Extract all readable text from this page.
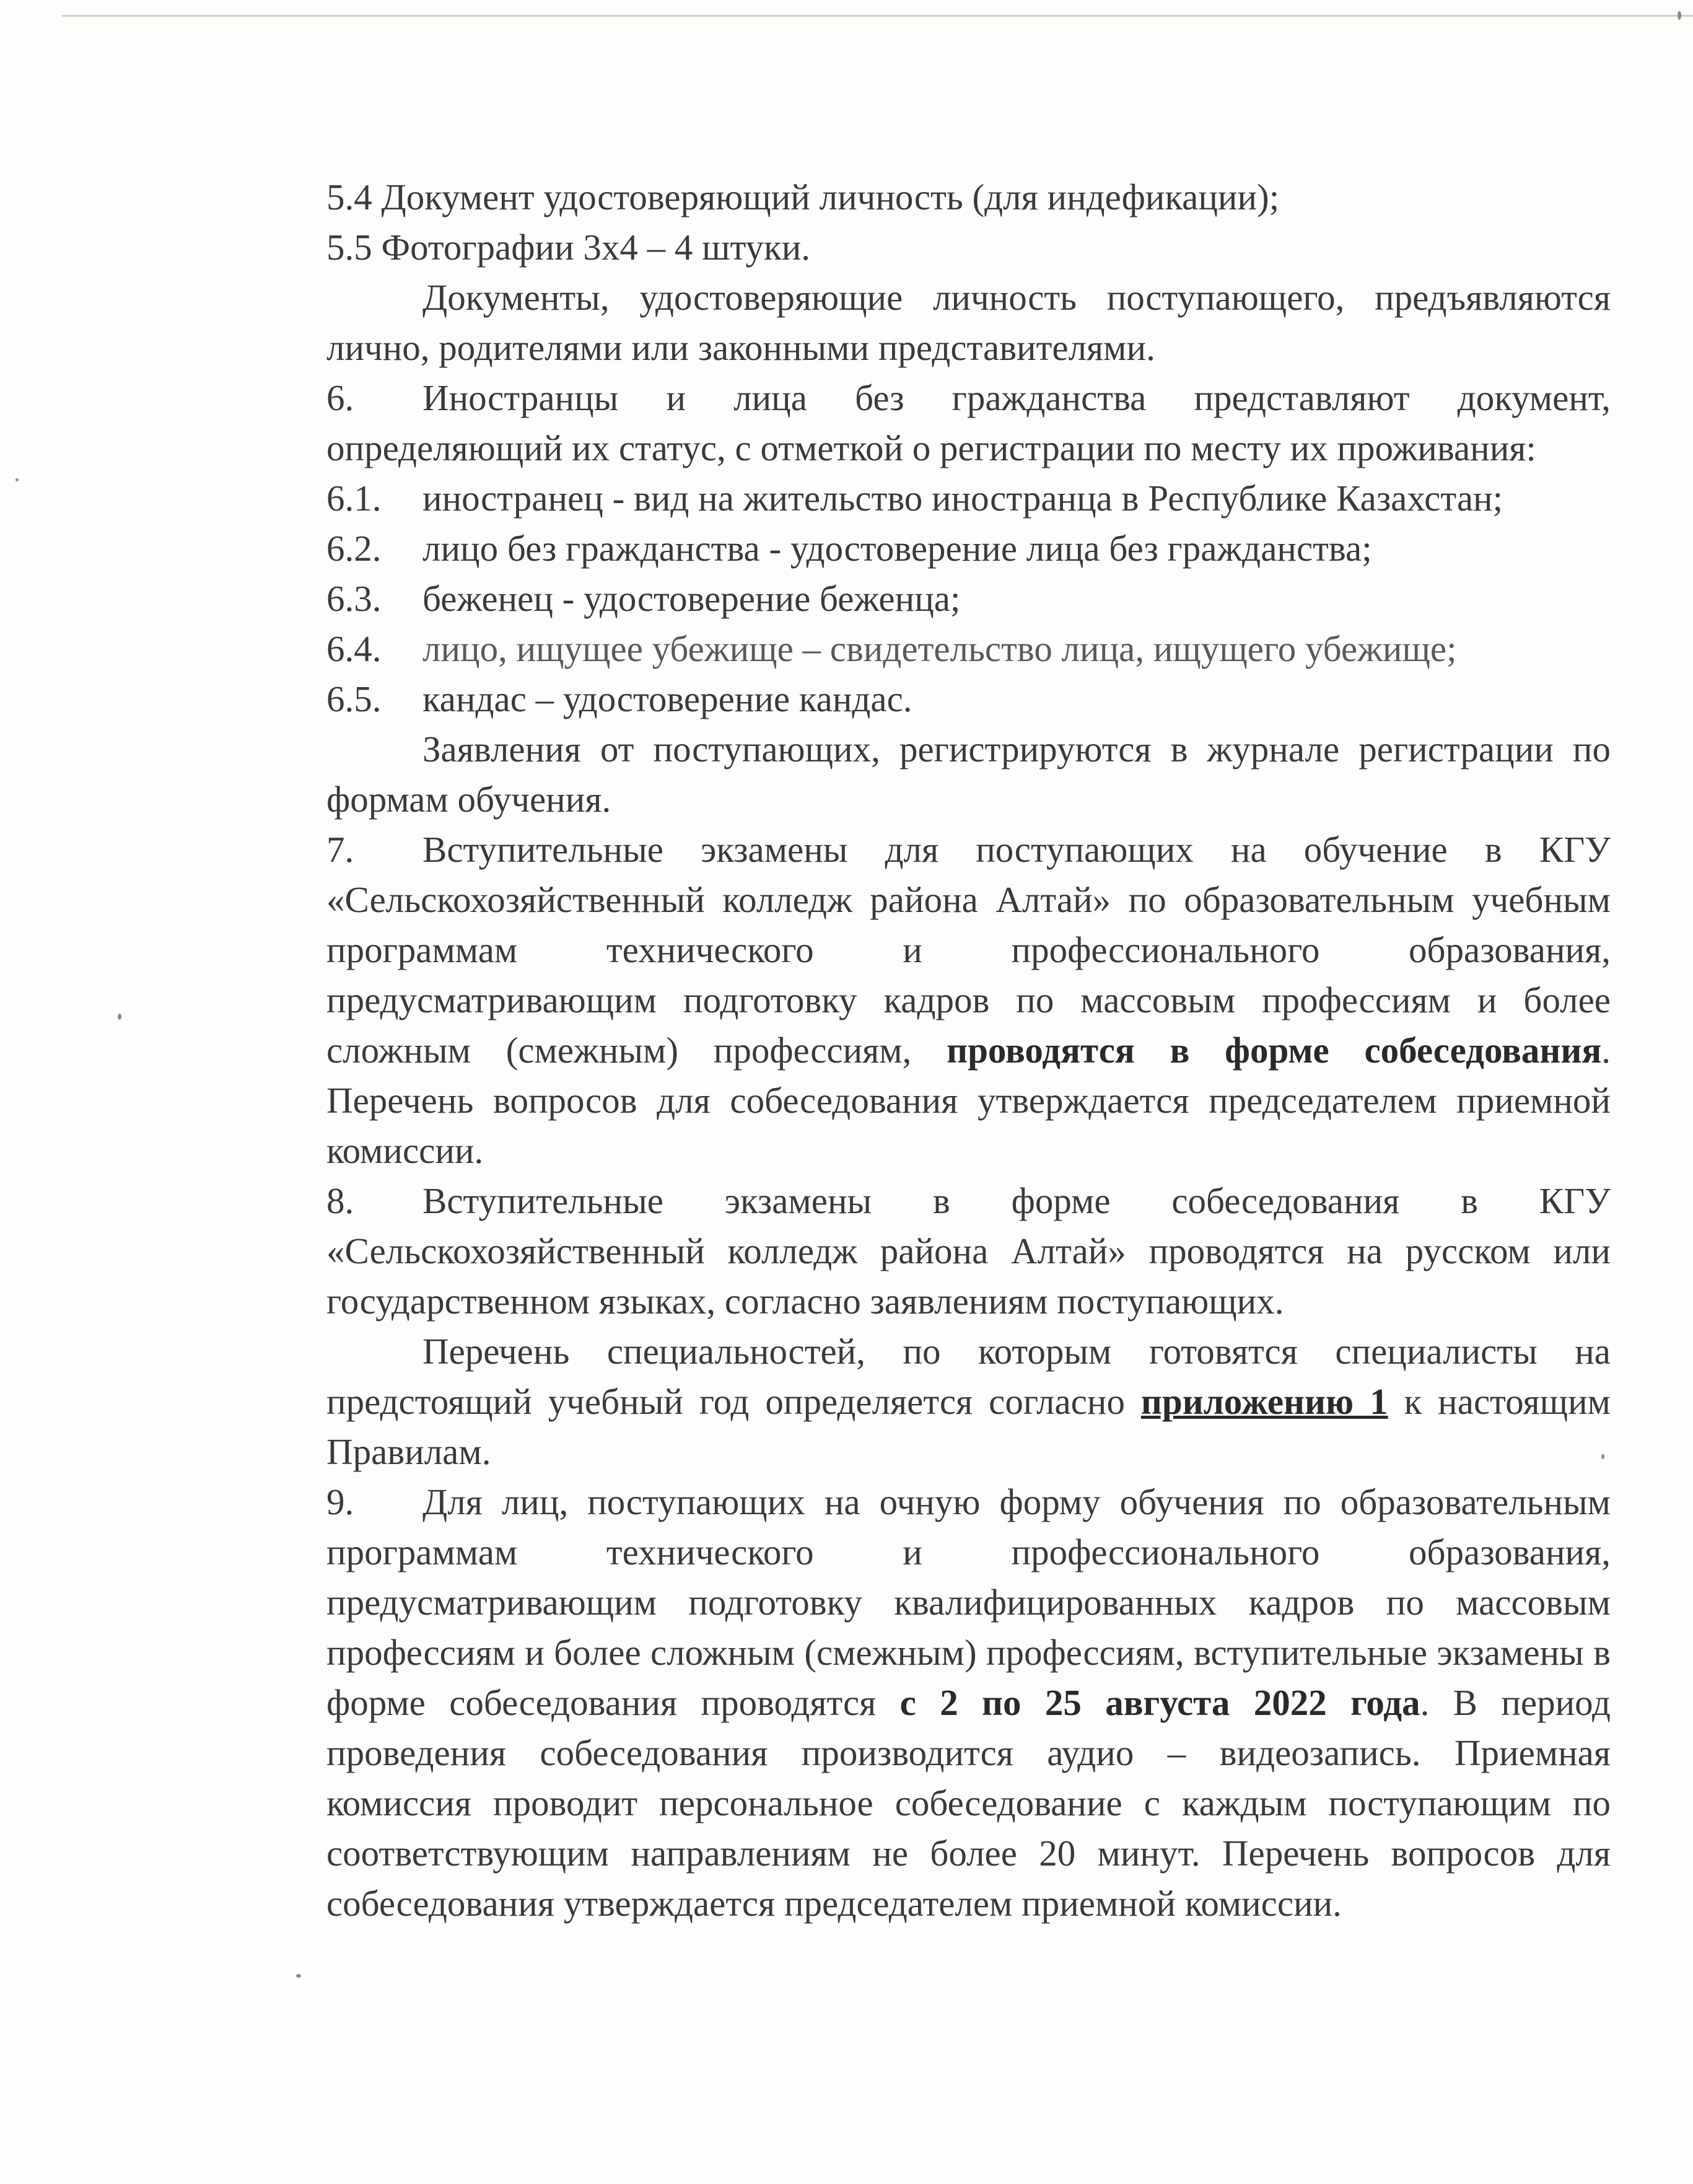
5.4 Документ удостоверяющий личность (для индефикации);

5.5 Фотографии 3х4 – 4 штуки.

Документы, удостоверяющие личность поступающего, предъявляются лично, родителями или законными представителями.

6. Иностранцы и лица без гражданства представляют документ, определяющий их статус, с отметкой о регистрации по месту их проживания:

6.1. иностранец - вид на жительство иностранца в Республике Казахстан;

6.2. лицо без гражданства - удостоверение лица без гражданства;

6.3. беженец - удостоверение беженца;

6.4. лицо, ищущее убежище – свидетельство лица, ищущего убежище;

6.5. кандас – удостоверение кандас.

Заявления от поступающих, регистрируются в журнале регистрации по формам обучения.

7. Вступительные экзамены для поступающих на обучение в КГУ «Сельскохозяйственный колледж района Алтай» по образовательным учебным программам технического и профессионального образования, предусматривающим подготовку кадров по массовым профессиям и более сложным (смежным) профессиям, проводятся в форме собеседования. Перечень вопросов для собеседования утверждается председателем приемной комиссии.

8. Вступительные экзамены в форме собеседования в КГУ «Сельскохозяйственный колледж района Алтай» проводятся на русском или государственном языках, согласно заявлениям поступающих.

Перечень специальностей, по которым готовятся специалисты на предстоящий учебный год определяется согласно приложению 1 к настоящим Правилам.

9. Для лиц, поступающих на очную форму обучения по образовательным программам технического и профессионального образования, предусматривающим подготовку квалифицированных кадров по массовым профессиям и более сложным (смежным) профессиям, вступительные экзамены в форме собеседования проводятся с 2 по 25 августа 2022 года. В период проведения собеседования производится аудио – видеозапись. Приемная комиссия проводит персональное собеседование с каждым поступающим по соответствующим направлениям не более 20 минут. Перечень вопросов для собеседования утверждается председателем приемной комиссии.
